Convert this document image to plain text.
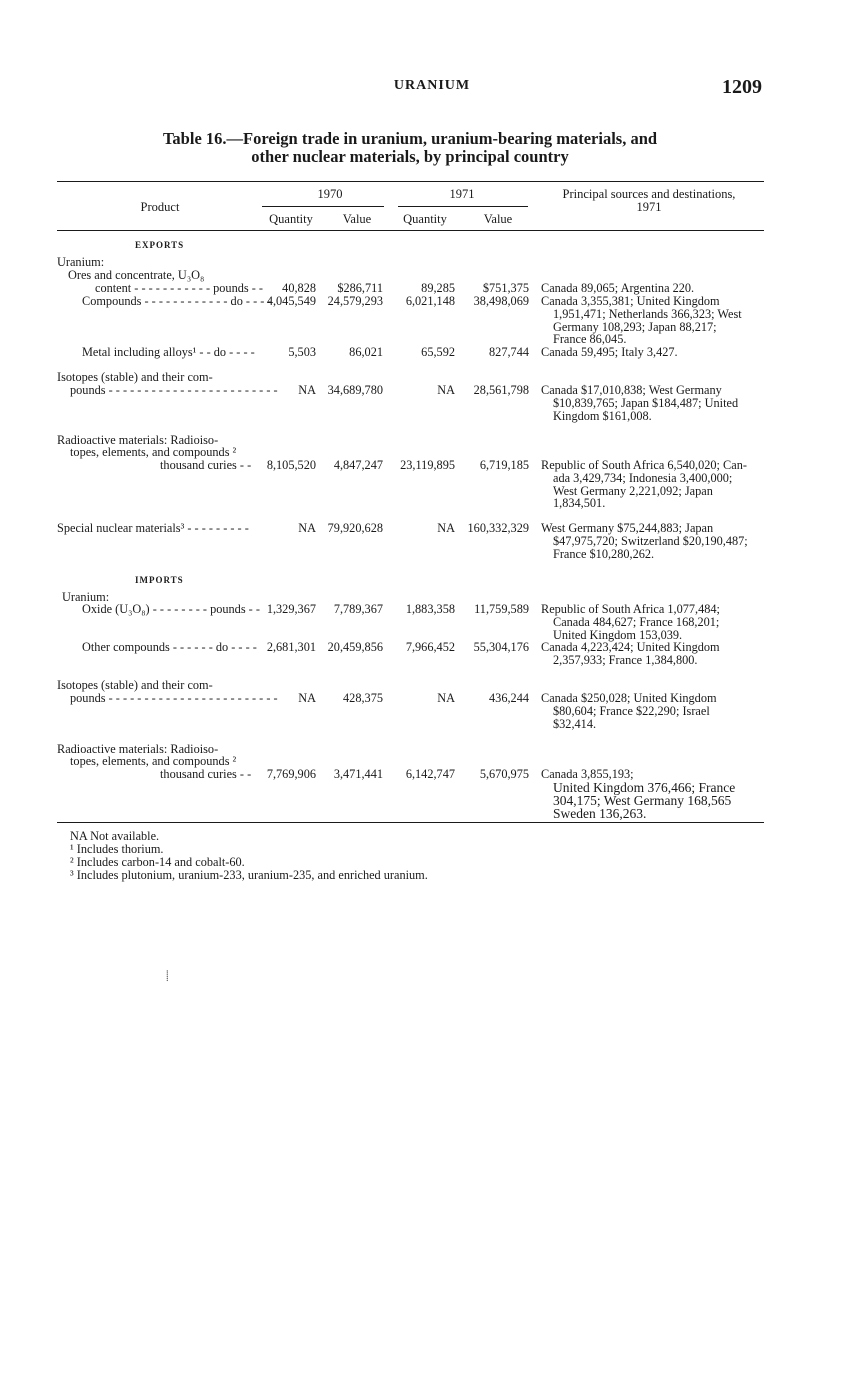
URANIUM	1209
Table 16.—Foreign trade in uranium, uranium-bearing materials, and
other nuclear materials, by principal country
Product
1970	1971
Quantity	Value	Quantity	Value
Principal sources and destinations,
1971
EXPORTS
Uranium:
Ores and concentrate, U₃O₈
content - - - - - - - - - - - pounds - - 40,828 $286,711	89,285 $751,375 Canada 89,065; Argentina 220.
Compounds - - - - - - - - - - - - do - - - -
4,045,549 24,579,293 6,021,148 38,498,069 Canada 3,355,381; United Kingdom
1,951,471; Netherlands 366,323; West
Germany 108,293; Japan 88,217;
France 86,045.
Metal including alloys¹ - - do - - - -	5,503	86,021	65,592	827,744 Canada 59,495; Italy 3,427.
Isotopes (stable) and their com-
pounds - - - - - - - - - - - - - - - - - - - - - - - - NA 34,689,780	NA 28,561,798 Canada $17,010,838; West Germany
$10,839,765; Japan $184,487; United
Kingdom $161,008.
Radioactive materials: Radioiso-
topes, elements, and compounds ²
thousand curies - - 8,105,520 4,847,247 23,119,895 6,719,185 Republic of South Africa 6,540,020; Can-
ada 3,429,734; Indonesia 3,400,000;
West Germany 2,221,092; Japan
1,834,501.
Special nuclear materials³ - - - - - - - - -	NA 79,920,628	NA 160,332,329 West Germany $75,244,883; Japan
$47,975,720; Switzerland $20,190,487;
France $10,280,262.
IMPORTS
Uranium:
Oxide (U₃O₈) - - - - - - - - pounds - - 1,329,367 7,789,367 1,883,358 11,759,589 Republic of South Africa 1,077,484;
Canada 484,627; France 168,201;
United Kingdom 153,039.
Other compounds - - - - - - do - - - - 2,681,301 20,459,856 7,966,452 55,304,176 Canada 4,223,424; United Kingdom
2,357,933; France 1,384,800.
Isotopes (stable) and their com-
pounds - - - - - - - - - - - - - - - - - - - - - - - - NA 428,375	NA	436,244 Canada $250,028; United Kingdom
$80,604; France $22,290; Israel
$32,414.
Radioactive materials: Radioiso-
topes, elements, and compounds ²
thousand curies - - 7,769,906 3,471,441 6,142,747 5,670,975 Canada 3,855,193;
United Kingdom 376,466; France
304,175; West Germany 168,565
Sweden 136,263.
NA Not available.
¹ Includes thorium.
² Includes carbon-14 and cobalt-60.
³ Includes plutonium, uranium-233, uranium-235, and enriched uranium.
⸽
